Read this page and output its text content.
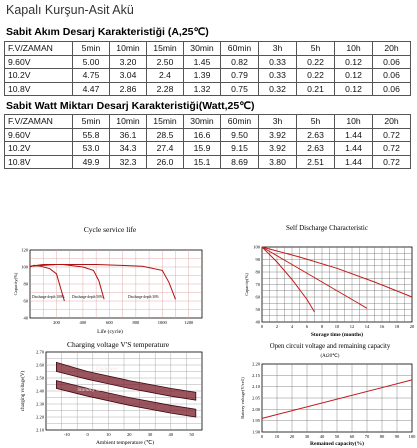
Kapalı Kurşun-Asit Akü
Sabit Akım Desarj Karakteristiği (A,25℃)
F.V/ZAMAN	5min	10min	15min	30min	60min	3h	5h	10h	20h
9.60V	5.00	3.20	2.50	1.45	0.82	0.33	0.22	0.12	0.06
10.2V	4.75	3.04	2.4	1.39	0.79	0.33	0.22	0.12	0.06
10.8V	4.47	2.86	2.28	1.32	0.75	0.32	0.21	0.12	0.06
Sabit Watt Miktarı Desarj Karakteristiği(Watt,25℃)
F.V/ZAMAN	5min	10min	15min	30min	60min	3h	5h	10h	20h
9.60V	55.8	36.1	28.5	16.6	9.50	3.92	2.63	1.44	0.72
10.2V	53.0	34.3	27.4	15.9	9.15	3.92	2.63	1.44	0.72
10.8V	49.9	32.3	26.0	15.1	8.69	3.80	2.51	1.44	0.72
Cycle service life
Discharge depth 100% Discharge depth 50%	Discharge depth 30%
200	400	600	800	1000	1200
40
60
80
100
120
Life (cycle)
Capacity(%)
Self Discharge Characteristic
0	2	4	6	8	10 12 14 16 18 20
40
50
60
70
80
90
100
Storage time (months)
Capacity(%)
Charging voltage V'S temperature
Cycle use
Standby use
-10	0	10	20	30	40	50
2.10
2.20
2.30
2.40
2.50
2.60
2.70
Ambient temperature (℃)
charging voltage(V)
Open circuit voltage and remaining capacity
(At20℃)
0	10 20 30 40 50 60 70 80 90 100
1.90
1.95
2.00
2.05
2.10
2.15
2.20
Remained capacity(%)
Battery voltage(V/cell)
